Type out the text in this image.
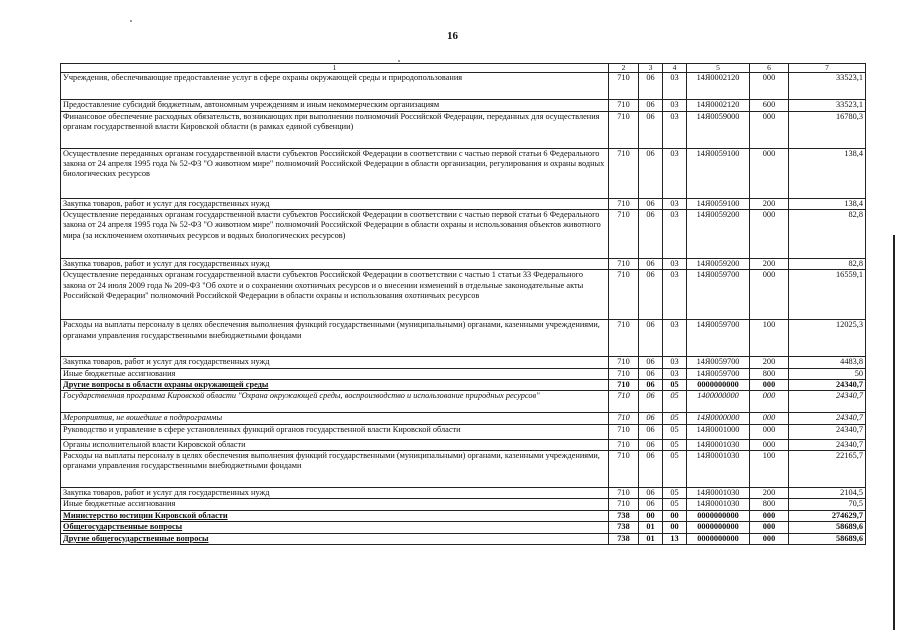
16
1	2	3	4	5	6	7
Учреждения, обеспечивающие предоставление услуг в сфере охраны окружающей среды и природопользования	710	06	03	14Я0002120	000	33523,1
Предоставление субсидий бюджетным, автономным учреждениям и иным некоммерческим организациям	710	06	03	14Я0002120	600	33523,1
Финансовое обеспечение расходных обязательств, возникающих при выполнении полномочий Российской Федерации, переданных для осуществления органам государственной власти Кировской области (в рамках единой субвенции)	710	06	03	14Я0059000	000	16780,3
Осуществление переданных органам государственной власти субъектов Российской Федерации в соответствии с частью первой статьи 6 Федерального закона от 24 апреля 1995 года № 52-ФЗ "О животном мире" полномочий Российской Федерации в области организации, регулирования и охраны водных биологических ресурсов	710	06	03	14Я0059100	000	138,4
Закупка товаров, работ и услуг для государственных нужд	710	06	03	14Я0059100	200	138,4
Осуществление переданных органам государственной власти субъектов Российской Федерации в соответствии с частью первой статьи 6 Федерального закона от 24 апреля 1995 года № 52-ФЗ "О животном мире" полномочий Российской Федерации в области охраны и использования объектов животного мира (за исключением охотничьих ресурсов и водных биологических ресурсов)	710	06	03	14Я0059200	000	82,8
Закупка товаров, работ и услуг для государственных нужд	710	06	03	14Я0059200	200	82,8
Осуществление переданных органам государственной власти субъектов Российской Федерации в соответствии с частью 1 статьи 33 Федерального закона от 24 июля 2009 года № 209-ФЗ "Об охоте и о сохранении охотничьих ресурсов и о внесении изменений в отдельные законодательные акты Российской Федерации" полномочий Российской Федерации в области охраны и использования охотничьих ресурсов	710	06	03	14Я0059700	000	16559,1
Расходы на выплаты персоналу в целях обеспечения выполнения функций государственными (муниципальными) органами, казенными учреждениями, органами управления государственными внебюджетными фондами	710	06	03	14Я0059700	100	12025,3
Закупка товаров, работ и услуг для государственных нужд	710	06	03	14Я0059700	200	4483,8
Иные бюджетные ассигнования	710	06	03	14Я0059700	800	50
Другие вопросы в области охраны окружающей среды	710	06	05	0000000000	000	24340,7
Государственная программа Кировской области "Охрана окружающей среды, воспроизводство и использование природных ресурсов"	710	06	05	1400000000	000	24340,7
Мероприятия, не вошедшие в подпрограммы	710	06	05	14Я0000000	000	24340,7
Руководство и управление в сфере установленных функций органов государственной власти Кировской области	710	06	05	14Я0001000	000	24340,7
Органы исполнительной власти Кировской области	710	06	05	14Я0001030	000	24340,7
Расходы на выплаты персоналу в целях обеспечения выполнения функций государственными (муниципальными) органами, казенными учреждениями, органами управления государственными внебюджетными фондами	710	06	05	14Я0001030	100	22165,7
Закупка товаров, работ и услуг для государственных нужд	710	06	05	14Я0001030	200	2104,5
Иные бюджетные ассигнования	710	06	05	14Я0001030	800	70,5
Министерство юстиции Кировской области	738	00	00	0000000000	000	274629,7
Общегосударственные вопросы	738	01	00	0000000000	000	58689,6
Другие общегосударственные вопросы	738	01	13	0000000000	000	58689,6
